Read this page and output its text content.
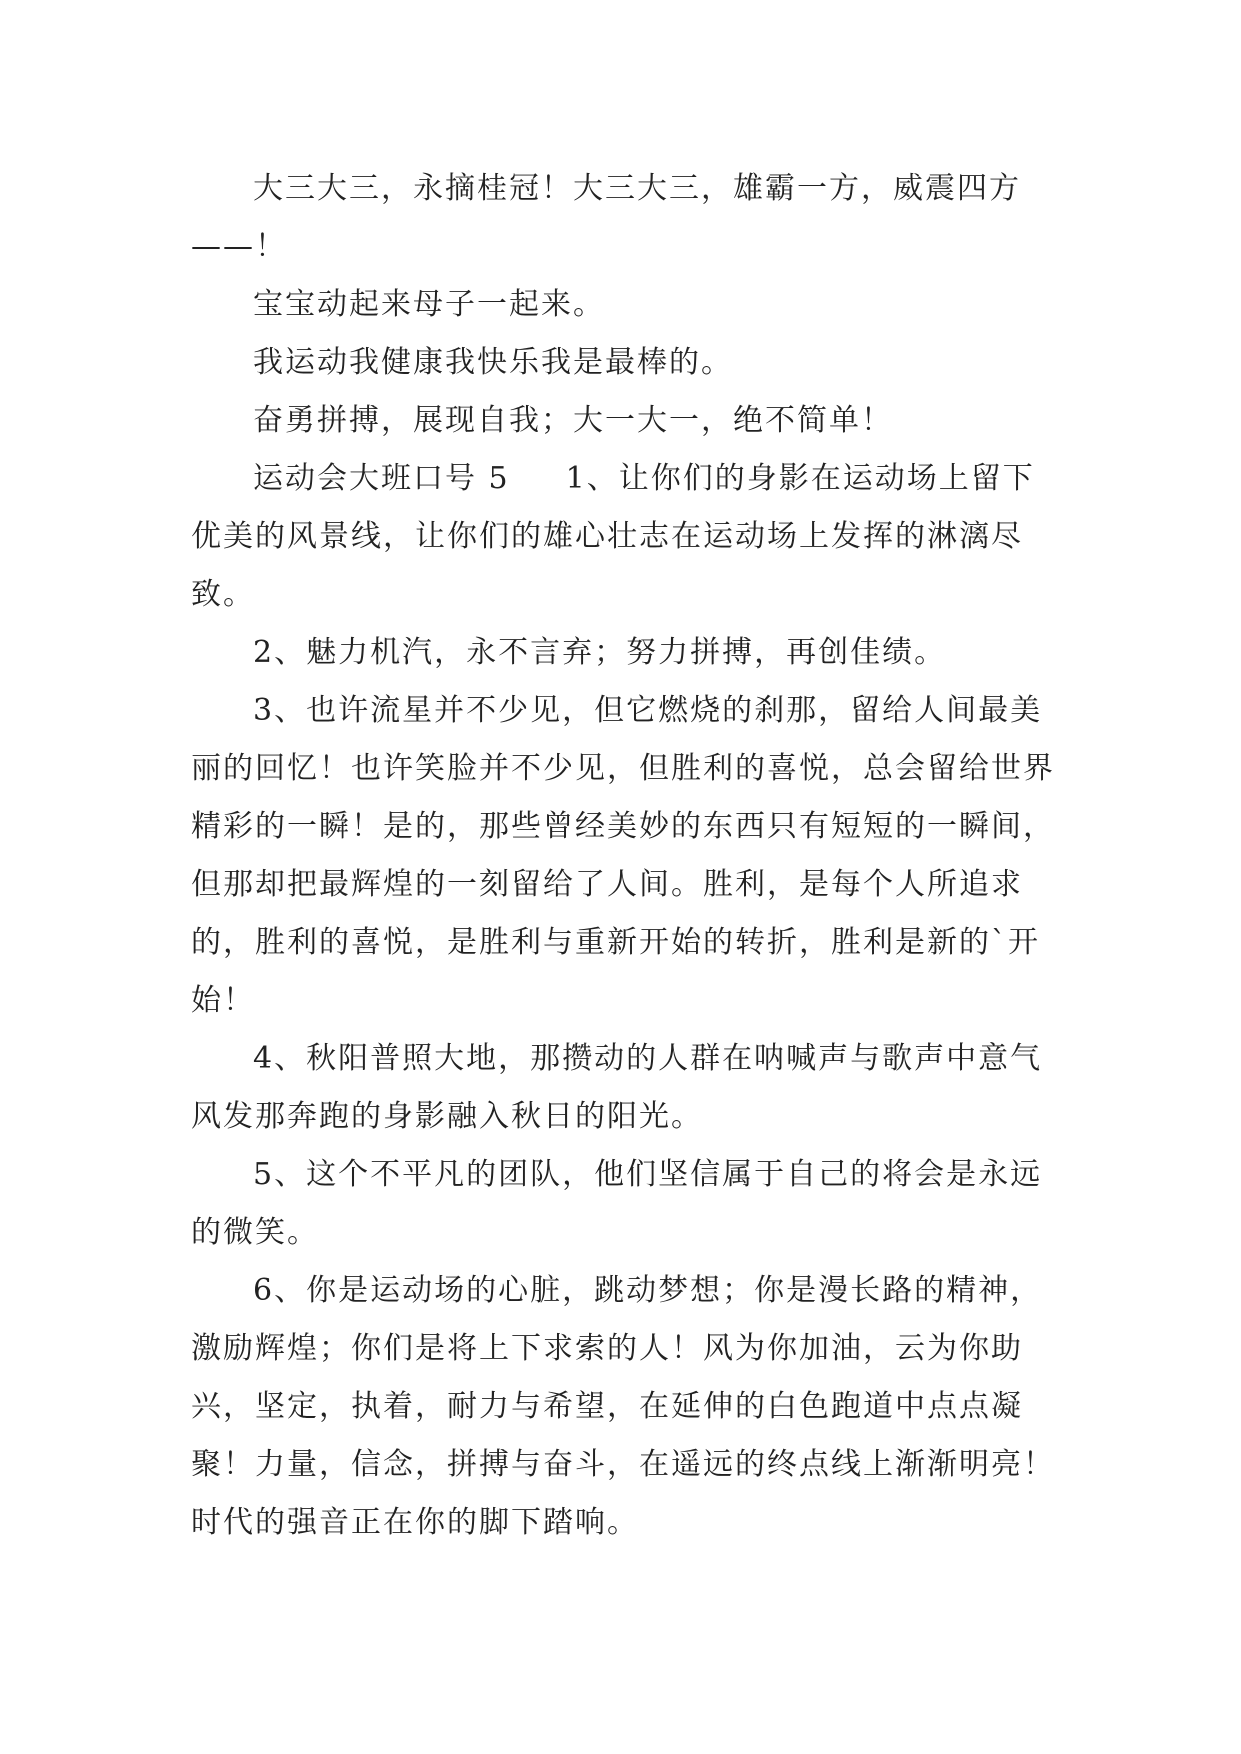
大三大三，永摘桂冠！大三大三，雄霸一方，威震四方——！

宝宝动起来母子一起来。

我运动我健康我快乐我是最棒的。

奋勇拼搏，展现自我；大一大一，绝不简单！

运动会大班口号 5 1、让你们的身影在运动场上留下优美的风景线，让你们的雄心壮志在运动场上发挥的淋漓尽致。

2、魅力机汽，永不言弃；努力拼搏，再创佳绩。

3、也许流星并不少见，但它燃烧的刹那，留给人间最美丽的回忆！也许笑脸并不少见，但胜利的喜悦，总会留给世界精彩的一瞬！是的，那些曾经美妙的东西只有短短的一瞬间，但那却把最辉煌的一刻留给了人间。胜利，是每个人所追求的，胜利的喜悦，是胜利与重新开始的转折，胜利是新的`开始！

4、秋阳普照大地，那攒动的人群在呐喊声与歌声中意气风发那奔跑的身影融入秋日的阳光。

5、这个不平凡的团队，他们坚信属于自己的将会是永远的微笑。

6、你是运动场的心脏，跳动梦想；你是漫长路的精神，激励辉煌；你们是将上下求索的人！风为你加油，云为你助兴，坚定，执着，耐力与希望，在延伸的白色跑道中点点凝聚！力量，信念，拼搏与奋斗，在遥远的终点线上渐渐明亮！

时代的强音正在你的脚下踏响。
